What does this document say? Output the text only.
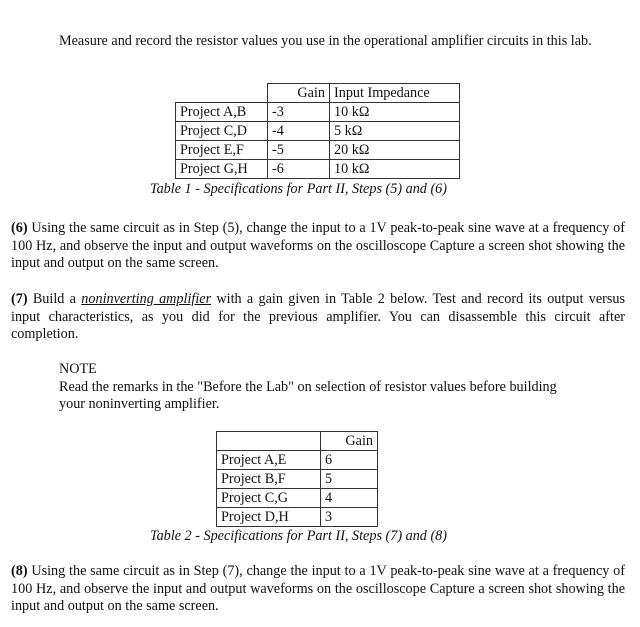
Measure and record the resistor values you use in the operational amplifier circuits in this lab.
	Gain	Input Impedance
Project A,B	-3	10 kΩ
Project C,D	-4	5 kΩ
Project E,F	-5	20 kΩ
Project G,H	-6	10 kΩ
Table 1 - Specifications for Part II, Steps (5) and (6)
(6) Using the same circuit as in Step (5), change the input to a 1V peak-to-peak sine wave at a frequency of 100 Hz, and observe the input and output waveforms on the oscilloscope Capture a screen shot showing the input and output on the same screen.
(7) Build a noninverting amplifier with a gain given in Table 2 below. Test and record its output versus input characteristics, as you did for the previous amplifier. You can disassemble this circuit after completion.
NOTE
Read the remarks in the "Before the Lab" on selection of resistor values before building your noninverting amplifier.
	Gain
Project A,E	6
Project B,F	5
Project C,G	4
Project D,H	3
Table 2 - Specifications for Part II, Steps (7) and (8)
(8) Using the same circuit as in Step (7), change the input to a 1V peak-to-peak sine wave at a frequency of 100 Hz, and observe the input and output waveforms on the oscilloscope Capture a screen shot showing the input and output on the same screen.
